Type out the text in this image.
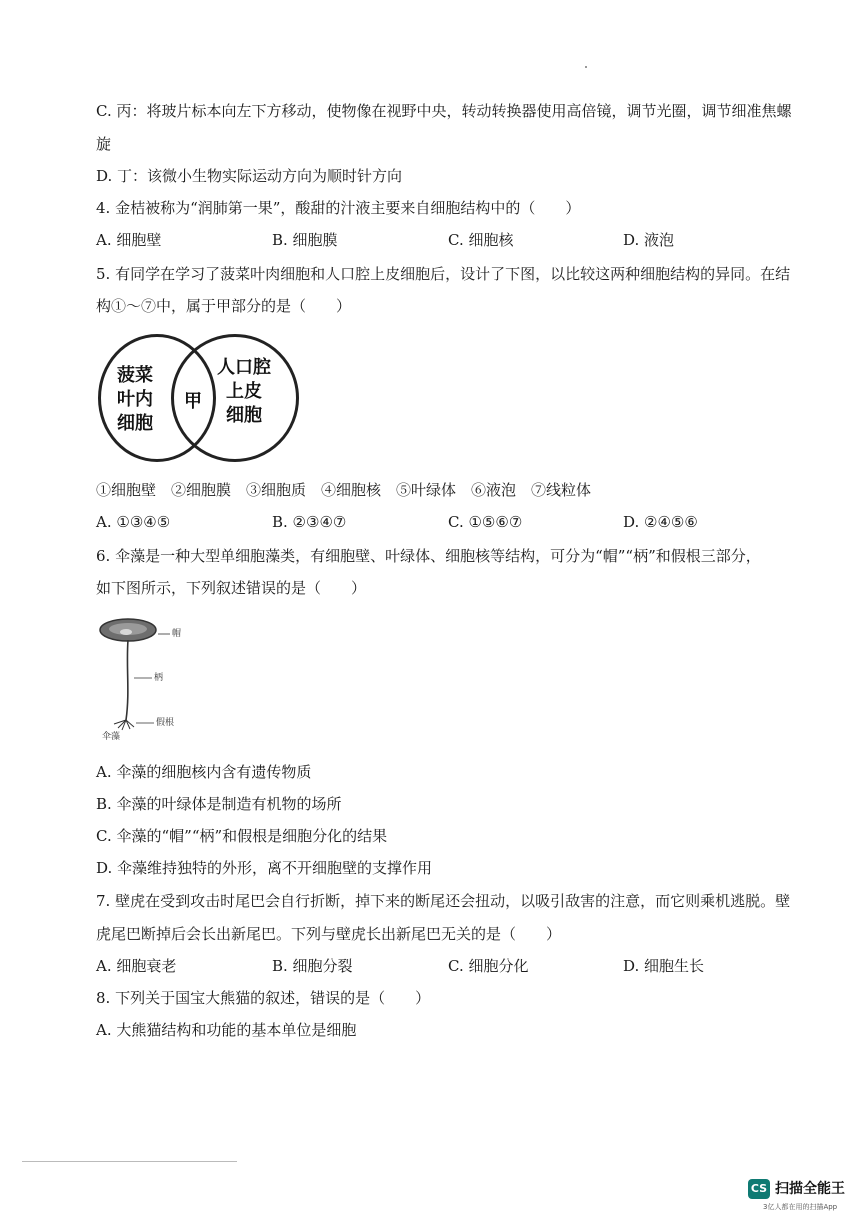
C. 丙：将玻片标本向左下方移动，使物像在视野中央，转动转换器使用高倍镜，调节光圈，调节细准焦螺
旋
D. 丁：该微小生物实际运动方向为顺时针方向
4. 金桔被称为“润肺第一果”，酸甜的汁液主要来自细胞结构中的（　　）
A. 细胞壁	B. 细胞膜	C. 细胞核	D. 液泡
5. 有同学在学习了菠菜叶肉细胞和人口腔上皮细胞后，设计了下图，以比较这两种细胞结构的异同。在结
构①～⑦中，属于甲部分的是（　　）
菠菜
叶内
细胞
甲
人口腔
上皮
细胞
①细胞壁　②细胞膜　③细胞质　④细胞核　⑤叶绿体　⑥液泡　⑦线粒体
A. ①③④⑤	B. ②③④⑦	C. ①⑤⑥⑦	D. ②④⑤⑥
6. 伞藻是一种大型单细胞藻类，有细胞壁、叶绿体、细胞核等结构，可分为“帽”“柄”和假根三部分，
如下图所示，下列叙述错误的是（　　）
帽
柄
假根
伞藻
A. 伞藻的细胞核内含有遗传物质
B. 伞藻的叶绿体是制造有机物的场所
C. 伞藻的“帽”“柄”和假根是细胞分化的结果
D. 伞藻维持独特的外形，离不开细胞壁的支撑作用
7. 壁虎在受到攻击时尾巴会自行折断，掉下来的断尾还会扭动，以吸引敌害的注意，而它则乘机逃脱。壁
虎尾巴断掉后会长出新尾巴。下列与壁虎长出新尾巴无关的是（　　）
A. 细胞衰老	B. 细胞分裂	C. 细胞分化	D. 细胞生长
8. 下列关于国宝大熊猫的叙述，错误的是（　　）
A. 大熊猫结构和功能的基本单位是细胞
CS 扫描全能王
3亿人都在用的扫描App
